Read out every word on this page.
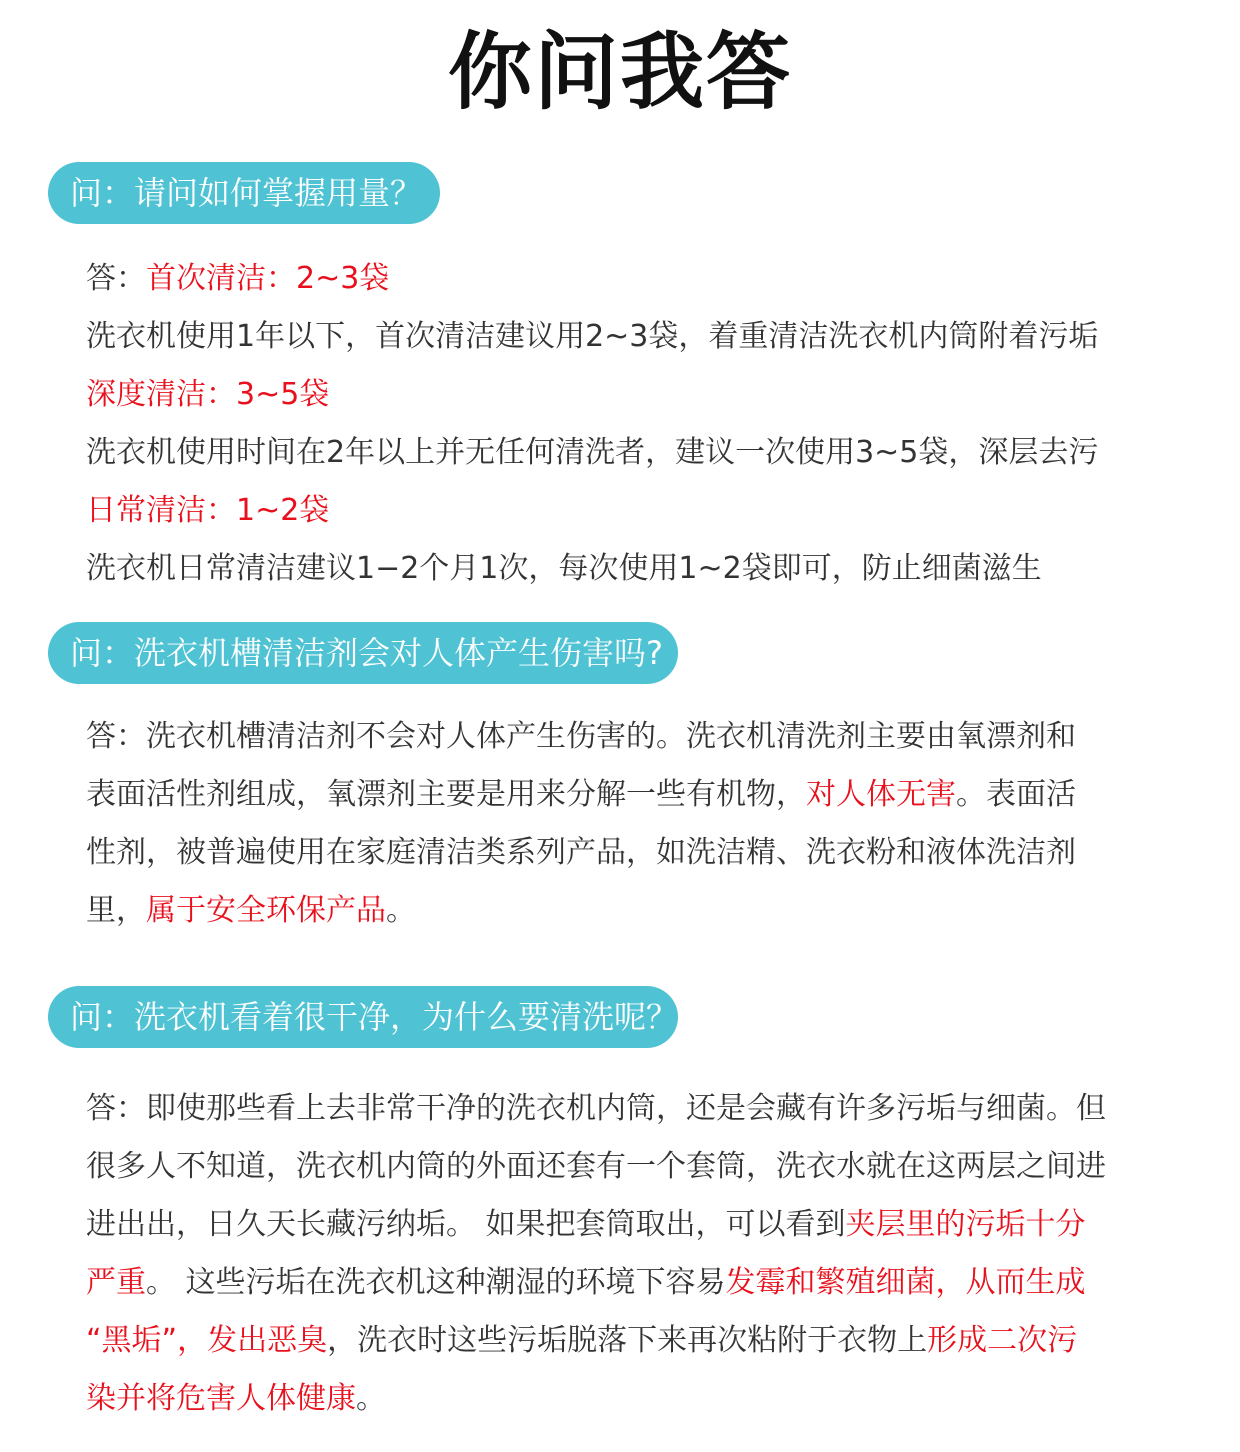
你问我答
问：请问如何掌握用量？
答：首次清洁：2~3袋
洗衣机使用1年以下，首次清洁建议用2~3袋，着重清洁洗衣机内筒附着污垢
深度清洁：3~5袋
洗衣机使用时间在2年以上并无任何清洗者，建议一次使用3~5袋，深层去污
日常清洁：1~2袋
洗衣机日常清洁建议1−2个月1次，每次使用1~2袋即可，防止细菌滋生
问：洗衣机槽清洁剂会对人体产生伤害吗?

答：洗衣机槽清洁剂不会对人体产生伤害的。洗衣机清洗剂主要由氧漂剂和

表面活性剂组成，氧漂剂主要是用来分解一些有机物，对人体无害。表面活

性剂，被普遍使用在家庭清洁类系列产品，如洗洁精、洗衣粉和液体洗洁剂

里，属于安全环保产品。

问：洗衣机看着很干净，为什么要清洗呢？

答：即使那些看上去非常干净的洗衣机内筒，还是会藏有许多污垢与细菌。但

很多人不知道，洗衣机内筒的外面还套有一个套筒，洗衣水就在这两层之间进

进出出，日久天长藏污纳垢。 如果把套筒取出，可以看到夹层里的污垢十分

严重。 这些污垢在洗衣机这种潮湿的环境下容易发霉和繁殖细菌，从而生成

“黑垢”，发出恶臭，洗衣时这些污垢脱落下来再次粘附于衣物上形成二次污

染并将危害人体健康。
